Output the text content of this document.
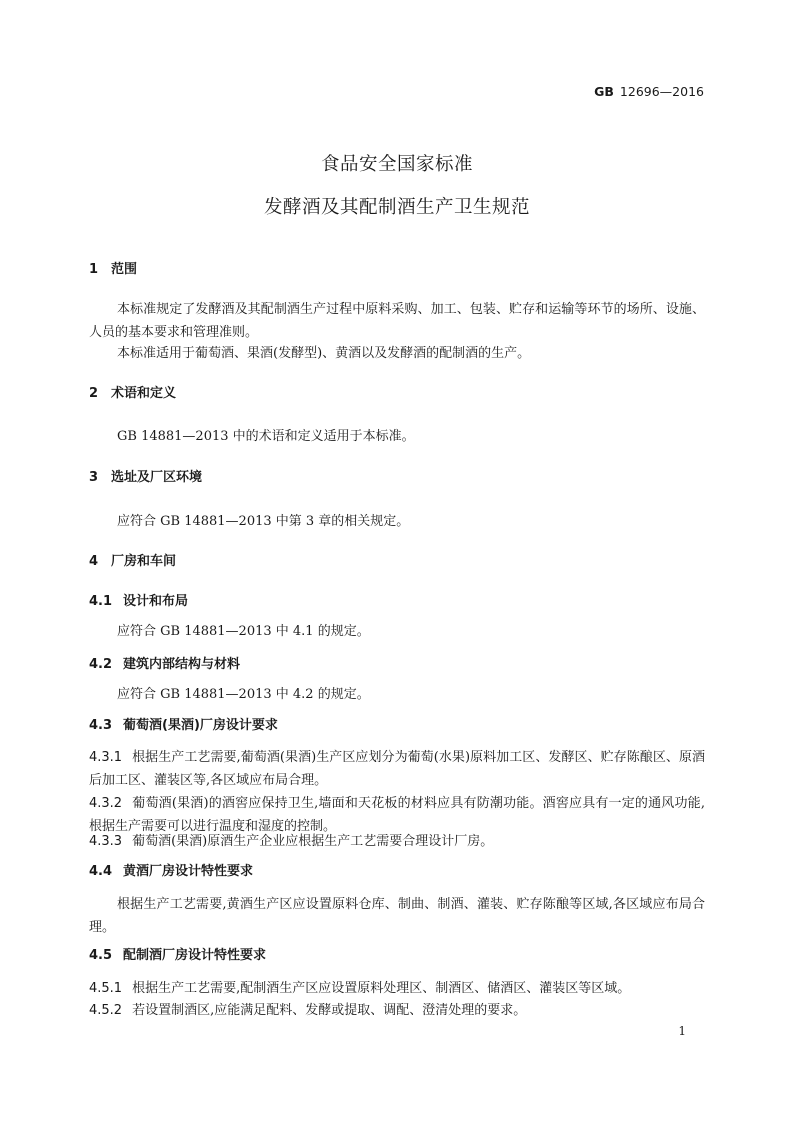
GB 12696—2016
食品安全国家标准
发酵酒及其配制酒生产卫生规范
1 范围
本标准规定了发酵酒及其配制酒生产过程中原料采购、加工、包装、贮存和运输等环节的场所、设施、人员的基本要求和管理准则。
本标准适用于葡萄酒、果酒(发酵型)、黄酒以及发酵酒的配制酒的生产。
2 术语和定义
GB 14881—2013 中的术语和定义适用于本标准。
3 选址及厂区环境
应符合 GB 14881—2013 中第 3 章的相关规定。
4 厂房和车间
4.1 设计和布局
应符合 GB 14881—2013 中 4.1 的规定。
4.2 建筑内部结构与材料
应符合 GB 14881—2013 中 4.2 的规定。
4.3 葡萄酒(果酒)厂房设计要求
4.3.1 根据生产工艺需要,葡萄酒(果酒)生产区应划分为葡萄(水果)原料加工区、发酵区、贮存陈酿区、原酒后加工区、灌装区等,各区域应布局合理。
4.3.2 葡萄酒(果酒)的酒窖应保持卫生,墙面和天花板的材料应具有防潮功能。酒窖应具有一定的通风功能,根据生产需要可以进行温度和湿度的控制。
4.3.3 葡萄酒(果酒)原酒生产企业应根据生产工艺需要合理设计厂房。
4.4 黄酒厂房设计特性要求
根据生产工艺需要,黄酒生产区应设置原料仓库、制曲、制酒、灌装、贮存陈酿等区域,各区域应布局合理。
4.5 配制酒厂房设计特性要求
4.5.1 根据生产工艺需要,配制酒生产区应设置原料处理区、制酒区、储酒区、灌装区等区域。
4.5.2 若设置制酒区,应能满足配料、发酵或提取、调配、澄清处理的要求。
1
